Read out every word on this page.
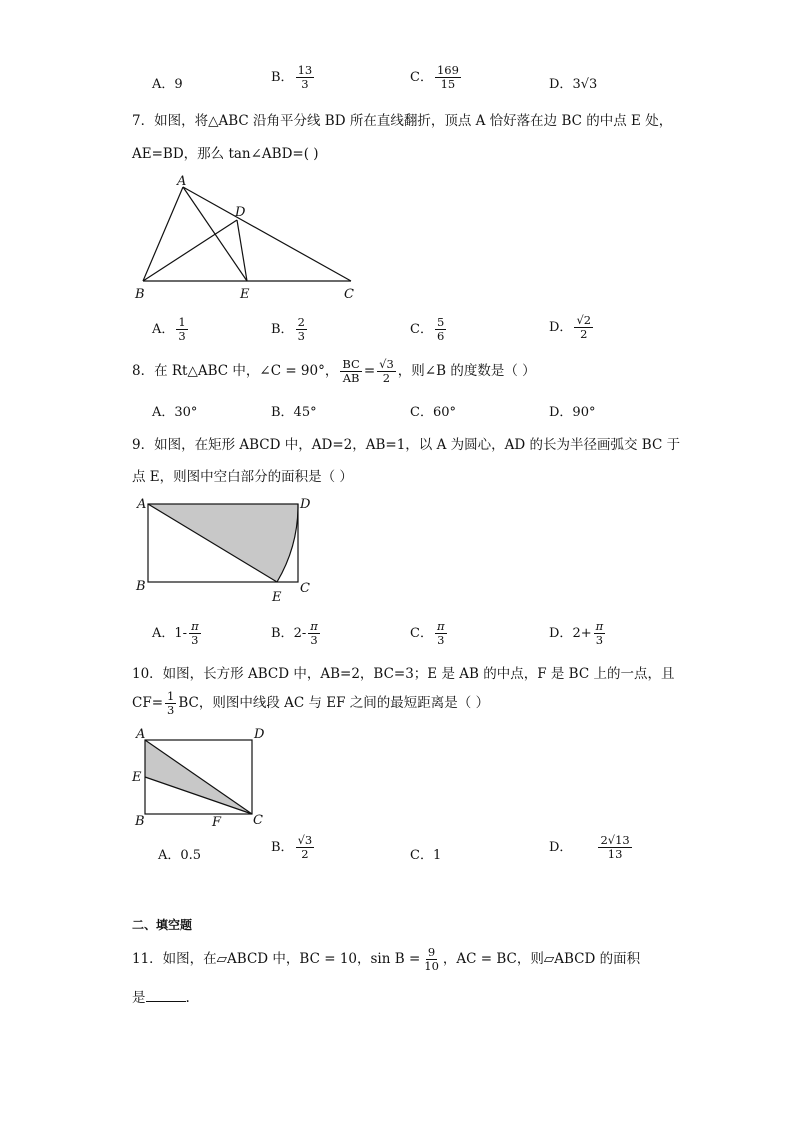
A．9	B． $\frac{13}{3}$	C． $\frac{169}{15}$	D．3√3
7．如图，将△ABC 沿角平分线 BD 所在直线翻折，顶点 A 恰好落在边 BC 的中点 E 处，
AE=BD，那么 tan∠ABD=( )
A
D
B	E	C
A． $\frac{1}{3}$	B． $\frac{2}{3}$	C． $\frac{5}{6}$	D． $\frac{√2}{2}$
8．在 Rt△ABC 中，∠C = 90°， $\frac{BC}{AB} = \frac{√3}{2}$ ，则∠B 的度数是（ ）
A．30°	B．45°	C．60°	D．90°
9．如图，在矩形 ABCD 中，AD=2，AB=1，以 A 为圆心，AD 的长为半径画弧交 BC 于
点 E，则图中空白部分的面积是（ ）
A	D
B	C
E
A．$1- \frac{\pi}{3}$	B．$2- \frac{\pi}{3}$	C． $\frac{\pi}{3}$	D．$2+ \frac{\pi}{3}$
10．如图，长方形 ABCD 中，AB=2，BC=3；E 是 AB 的中点，F 是 BC 上的一点，且
$CF= \frac{1}{3}$ BC，则图中线段 AC 与 EF 之间的最短距离是（ ）
A	D
E
B	F C
A．0.5
B． $\frac{√3}{2}$	C．1
D． $\frac{2√13}{13}$
二、填空题
11．如图，在▱ABCD 中，BC = 10，$\sin B = \frac{9}{10}$ ，AC = BC，则▱ABCD 的面积
是	.
